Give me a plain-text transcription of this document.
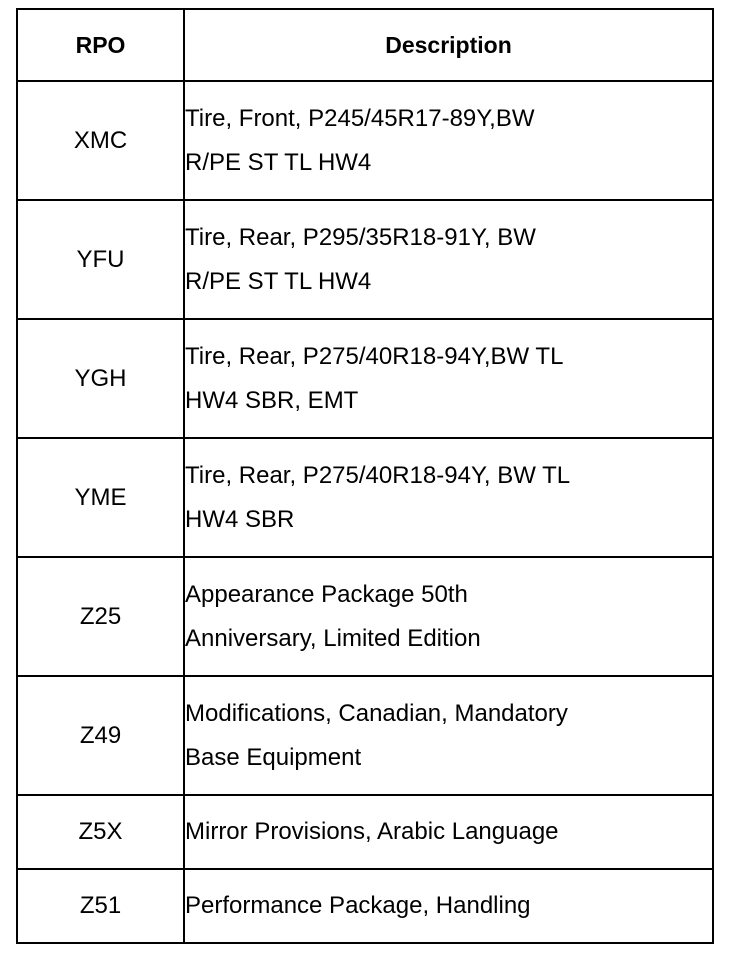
RPO	Description
XMC	Tire, Front, P245/45R17-89Y,BW
R/PE ST TL HW4

YFU	Tire, Rear, P295/35R18-91Y, BW
R/PE ST TL HW4

YGH	Tire, Rear, P275/40R18-94Y,BW TL
HW4 SBR, EMT

YME	Tire, Rear, P275/40R18-94Y, BW TL
HW4 SBR

Z25	Appearance Package 50th
Anniversary, Limited Edition

Z49	Modifications, Canadian, Mandatory
Base Equipment

Z5X	Mirror Provisions, Arabic Language

Z51	Performance Package, Handling
